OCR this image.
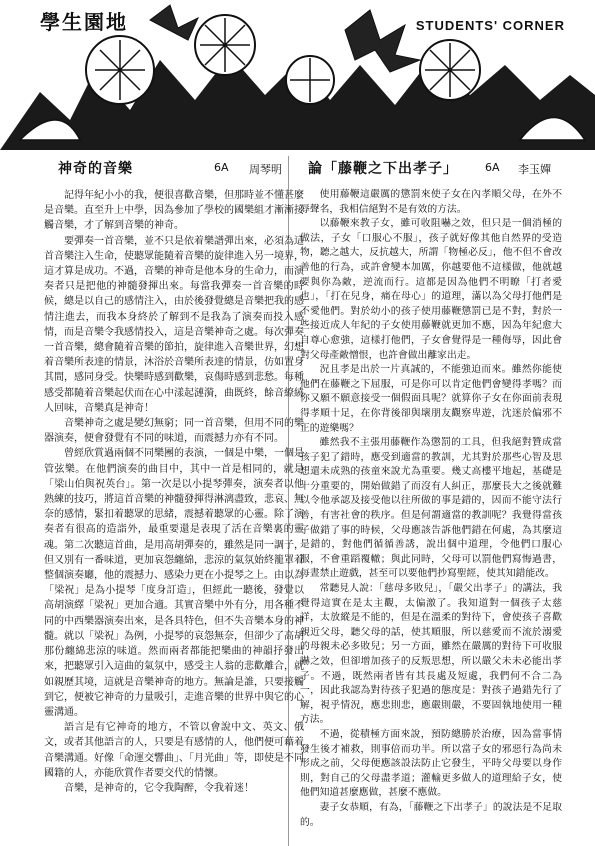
學生園地	STUDENTS' CORNER
神奇的音樂	6A 周琴明

記得年紀小小的我，便很喜歡音樂，但那時並不懂甚麼是音樂。直至升上中學，因為參加了學校的國樂組才漸漸接觸音樂，才了解到音樂的神奇。

要彈奏一首音樂，並不只是依着樂譜彈出來，必須為這首音樂注入生命，使聽眾能隨着音樂的旋律進入另一境界，這才算是成功。不過，音樂的神奇是他本身的生命力，而演奏者只是把他的神髓發揮出來。每當我彈奏一首音樂的時候，總是以自己的感情注入，由於後發覺總是音樂把我的感情注進去，而我本身終於了解到不是我為了演奏而投入感情，而是音樂令我感情投入，這是音樂神奇之處。每次彈奏一首音樂，總會隨着音樂的節拍，旋律進入音樂世界，幻想着音樂所表達的情景，沐浴於音樂所表達的情景，仿如置身其間，感同身受。快樂時感到歡樂，哀傷時感到悲愁。每種感受都隨着音樂起伏而在心中漾起漣漪，曲既終，餘音繚繞人回味，音樂真是神奇！

音樂神奇之處是變幻無窮；同一首音樂，但用不同的樂器演奏，便會發覺有不同的味道，而震撼力亦有不同。

曾經欣賞過兩個不同樂團的表演，一個是中樂，一個是管弦樂。在他們演奏的曲目中，其中一首是相同的，就是「梁山伯與祝英台」。第一次是以小提琴彈奏，演奏者以他熟練的技巧，將這首音樂的神髓發揮得淋漓盡致，悲哀、無奈的感情，緊扣着聽眾的思緒，震撼着聽眾的心靈。除了演奏者有很高的造詣外，最重要還是表現了活在音樂裏的靈魂。第二次聽這首曲，是用高胡彈奏的，雖然是同一調子，但又別有一番味道，更加哀怨纏綿，悲涼的氣氛始終籠罩着整個演奏廳，他的震撼力、感染力更在小提琴之上。由以為「梁祝」是為小提琴「度身訂造」，但經此一聽後，發覺以高胡演繹「梁祝」更加合適。其實音樂中外有分，用各種不同的中西樂器演奏出來，是各具特色，但不失音樂本身的神髓。就以「梁祝」為例，小提琴的哀怨無奈，但卻少了高胡那份纏綿悲涼的味道。然而兩者都能把樂曲的神韻抒發出來，把聽眾引入這曲的氣氛中，感受主人翁的悲歡離合，就如親歷其境，這就是音樂神奇的地方。無論是誰，只要接觸到它，便被它神奇的力量吸引，走進音樂的世界中與它的心靈溝通。

語言是有它神奇的地方，不管以會說中文、英文、俄文，或者其他語言的人，只要是有感情的人，他們便可藉着音樂溝通。好像「命運交響曲」、「月光曲」等，即使是不同國籍的人，亦能欣賞作者要交代的情懷。

音樂，是神奇的，它令我陶醉，令我着迷！

論「藤鞭之下出孝子」 6A 李玉嬋

使用藤鞭這嚴厲的懲罰來使子女在內孝順父母，在外不辱聲名，我相信絕對不是有效的方法。

以藤鞭來教子女，雖可收阻嚇之效，但只是一個消極的做法，子女「口服心不服」，孩子就好像其他自然界的受造物，聽之越大，反抗越大，所謂「物極必反」，他不但不會改善他的行為，或許會變本加厲，你越要他不這樣做，他就越要與你為敵，逆流而行。這都是因為他們不明瞭「打者愛也」，「打在兒身，痛在母心」的道理，滿以為父母打他們是不愛他們。對於幼小的孩子使用藤鞭懲罰已是不對，對於一些接近成人年紀的子女使用藤鞭就更加不應，因為年紀愈大自尊心愈強，這樣打他們，子女會覺得是一種侮辱，因此會對父母產敵憎恨，也許會做出離家出走。

況且孝是出於一片真誠的，不能強迫而來。雖然你能使他們在藤鞭之下屈服，可是你可以肯定他們會變得孝嗎？而你又願不願意接受一個假面具呢？就算你子女在你面前表現得孝順十足，在你背後卻與壞朋友觀察卑遊，沈迷於偏邪不正的遊樂嗎？

雖然我不主張用藤鞭作為懲罰的工具，但我絕對贊成當孩子犯了錯時，應受到適當的教訓，尤其對於那些心智及思想還未成熟的孩童來說尤為重要。幾丈高樓平地起，基礎是十分重要的，開始做錯了而沒有人糾正，那麼長大之後就難以令他承認及接受他以往所做的事是錯的，因而不能守法行善，有害社會的秩序。但是何謂適當的教訓呢？我覺得當孩子做錯了事的時候，父母應該告訴他們錯在何處，為其麼這是錯的，對他們循循善誘，說出個中道理，令他們口服心服，不會重蹈覆轍；與此同時，父母可以罰他們寫悔過書，每晝禁止遊戲，甚至可以要他們抄寫聖經，使其知錯能改。

常聽見人說：「慈母多敗兒」，「嚴父出孝子」的講法，我覺得這實在是太主觀，太偏激了。我知道對一個孩子太慈祥，太放縱是不能的，但是在溫柔的對待下，會使孩子喜歡親近父母，聽父母的話，使其順服，所以慈愛而不流於溺愛的母親未必多敗兒；另一方面，雖然在嚴厲的對待下可收服嚇之效，但卻增加孩子的反叛思想，所以嚴父未未必能出孝子。不過，既然兩者皆有其長處及短處，我們何不合二為一，因此我認為對待孩子犯過的態度是：對孩子過錯先行了解，視乎情況，應悲則悲，應嚴則嚴，不要固執地使用一種方法。

不過，從積極方面來說，預防總勝於治療，因為當事情發生後才補救，則事倍而功半。所以當子女的邪惡行為尚未形成之前，父母便應該設法防止它發生，平時父母要以身作則，對自己的父母盡孝道；灌輸更多做人的道理給子女，使他們知道甚麼應做，甚麼不應做。

妻子女恭順，有為，「藤鞭之下出孝子」的說法是不足取的。
